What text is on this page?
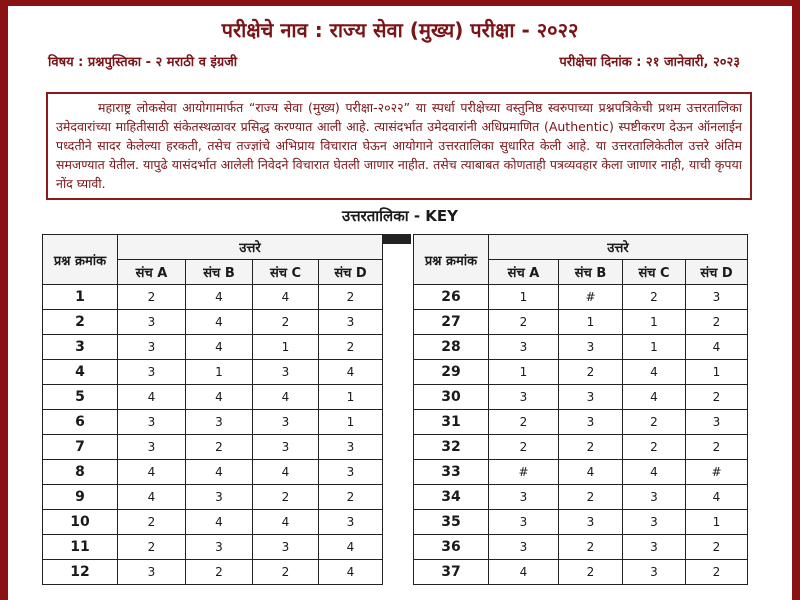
परीक्षेचे नाव : राज्य सेवा (मुख्य) परीक्षा - २०२२
विषय : प्रश्नपुस्तिका - २ मराठी व इंग्रजी	परीक्षेचा दिनांक : २१ जानेवारी, २०२३
महाराष्ट्र लोकसेवा आयोगामार्फत “राज्य सेवा (मुख्य) परीक्षा-२०२२” या स्पर्धा परीक्षेच्या वस्तुनिष्ठ स्वरुपाच्या प्रश्नपत्रिकेची प्रथम उत्तरतालिका उमेदवारांच्या माहितीसाठी संकेतस्थळावर प्रसिद्ध करण्यात आली आहे. त्यासंदर्भात उमेदवारांनी अधिप्रमाणित (Authentic) स्पष्टीकरण देऊन ऑनलाईन पध्दतीने सादर केलेल्या हरकती, तसेच तज्ज्ञांचे अभिप्राय विचारात घेऊन आयोगाने उत्तरतालिका सुधारित केली आहे. या उत्तरतालिकेतील उत्तरे अंतिम समजण्यात येतील. यापुढे यासंदर्भात आलेली निवेदने विचारात घेतली जाणार नाहीत. तसेच त्याबाबत कोणताही पत्रव्यवहार केला जाणार नाही, याची कृपया नोंद घ्यावी.
उत्तरतालिका - KEY
प्रश्न क्रमांक	उत्तरे			
	संच A	संच B	संच C	संच D
1	2	4	4	2
2	3	4	2	3
3	3	4	1	2
4	3	1	3	4
5	4	4	4	1
6	3	3	3	1
7	3	2	3	3
8	4	4	4	3
9	4	3	2	2
10	2	4	4	3
11	2	3	3	4
12	3	2	2	4
प्रश्न क्रमांक	उत्तरे			
	संच A	संच B	संच C	संच D
26	1	#	2	3
27	2	1	1	2
28	3	3	1	4
29	1	2	4	1
30	3	3	4	2
31	2	3	2	3
32	2	2	2	2
33	#	4	4	#
34	3	2	3	4
35	3	3	3	1
36	3	2	3	2
37	4	2	3	2
